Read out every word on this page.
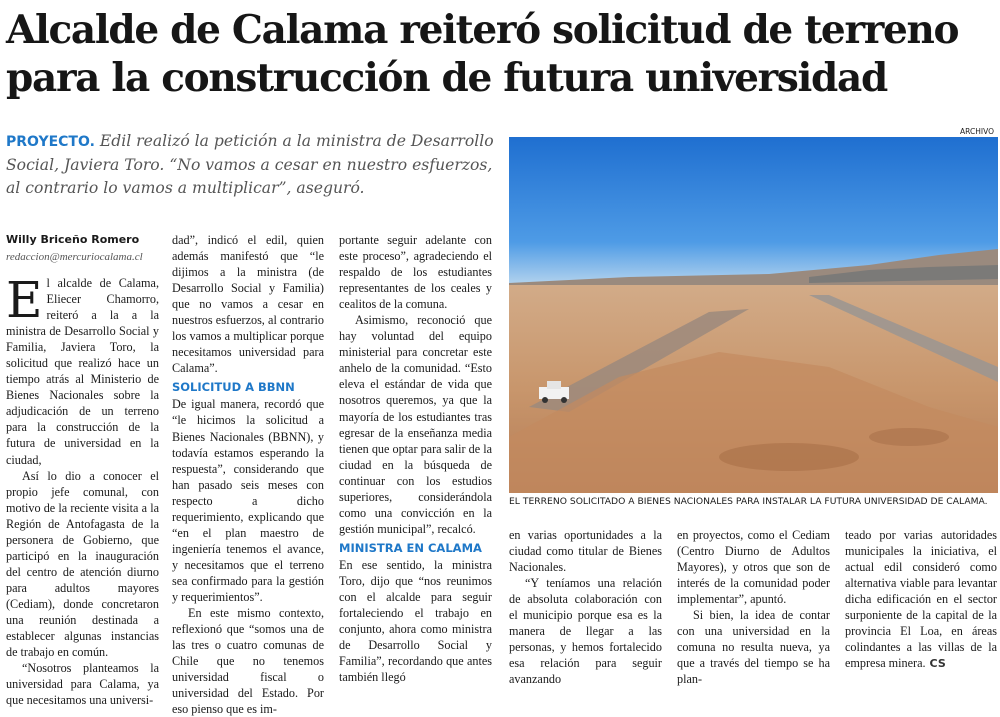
Alcalde de Calama reiteró solicitud de terreno para la construcción de futura universidad

PROYECTO. Edil realizó la petición a la ministra de Desarrollo Social, Javiera Toro. “No vamos a cesar en nuestro esfuerzos, al contrario lo vamos a multiplicar”, aseguró.

ARCHIVO
EL TERRENO SOLICITADO A BIENES NACIONALES PARA INSTALAR LA FUTURA UNIVERSIDAD DE CALAMA.
Willy Briceño Romero
redaccion@mercuriocalama.cl

El alcalde de Calama, Eliecer Chamorro, reiteró a la a la ministra de Desarrollo Social y Familia, Javiera Toro, la solicitud que realizó hace un tiempo atrás al Ministerio de Bienes Nacionales sobre la adjudicación de un terreno para la construcción de la futura de universidad en la ciudad,

Así lo dio a conocer el propio jefe comunal, con motivo de la reciente visita a la Región de Antofagasta de la personera de Gobierno, que participó en la inauguración del centro de atención diurno para adultos mayores (Cediam), donde concretaron una reunión destinada a establecer algunas instancias de trabajo en común.

“Nosotros planteamos la universidad para Calama, ya que necesitamos una universi-

dad”, indicó el edil, quien además manifestó que “le dijimos a la ministra (de Desarrollo Social y Familia) que no vamos a cesar en nuestros esfuerzos, al contrario los vamos a multiplicar porque necesitamos universidad para Calama”.

SOLICITUD A BBNN

De igual manera, recordó que “le hicimos la solicitud a Bienes Nacionales (BBNN), y todavía estamos esperando la respuesta”, considerando que han pasado seis meses con respecto a dicho requerimiento, explicando que “en el plan maestro de ingeniería tenemos el avance, y necesitamos que el terreno sea confirmado para la gestión y requerimientos”.

En este mismo contexto, reflexionó que “somos una de las tres o cuatro comunas de Chile que no tenemos universidad fiscal o universidad del Estado. Por eso pienso que es im-

portante seguir adelante con este proceso”, agradeciendo el respaldo de los estudiantes representantes de los ceales y cealitos de la comuna.

Asimismo, reconoció que hay voluntad del equipo ministerial para concretar este anhelo de la comunidad. “Esto eleva el estándar de vida que nosotros queremos, ya que la mayoría de los estudiantes tras egresar de la enseñanza media tienen que optar para salir de la ciudad en la búsqueda de continuar con los estudios superiores, considerándola como una convicción en la gestión municipal”, recalcó.

MINISTRA EN CALAMA

En ese sentido, la ministra Toro, dijo que “nos reunimos con el alcalde para seguir fortaleciendo el trabajo en conjunto, ahora como ministra de Desarrollo Social y Familia”, recordando que antes también llegó

en varias oportunidades a la ciudad como titular de Bienes Nacionales.

“Y teníamos una relación de absoluta colaboración con el municipio porque esa es la manera de llegar a las personas, y hemos fortalecido esa relación para seguir avanzando

en proyectos, como el Cediam (Centro Diurno de Adultos Mayores), y otros que son de interés de la comunidad poder implementar”, apuntó.

Si bien, la idea de contar con una universidad en la comuna no resulta nueva, ya que a través del tiempo se ha plan-

teado por varias autoridades municipales la iniciativa, el actual edil consideró como alternativa viable para levantar dicha edificación en el sector surponiente de la capital de la provincia El Loa, en áreas colindantes a las villas de la empresa minera. CS
